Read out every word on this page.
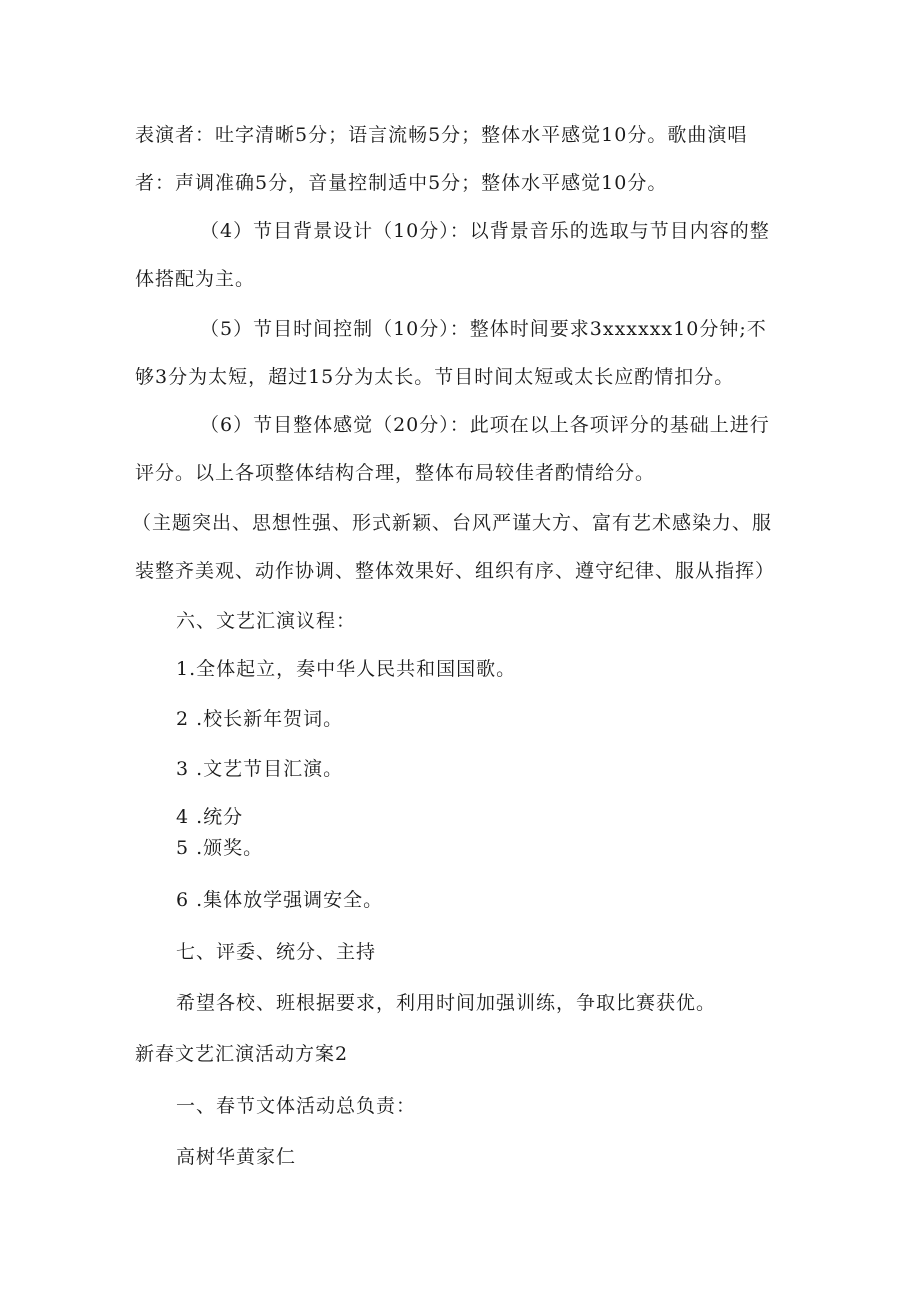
表演者：吐字清晰5分；语言流畅5分；整体水平感觉10分。歌曲演唱
者：声调准确5分，音量控制适中5分；整体水平感觉10分。
（4）节目背景设计（10分）：以背景音乐的选取与节目内容的整
体搭配为主。
（5）节目时间控制（10分）：整体时间要求3xxxxxx10分钟;不
够3分为太短，超过15分为太长。节目时间太短或太长应酌情扣分。
（6）节目整体感觉（20分）：此项在以上各项评分的基础上进行
评分。以上各项整体结构合理，整体布局较佳者酌情给分。
（主题突出、思想性强、形式新颖、台风严谨大方、富有艺术感染力、服
装整齐美观、动作协调、整体效果好、组织有序、遵守纪律、服从指挥）
六、文艺汇演议程：
1.全体起立，奏中华人民共和国国歌。
2 .校长新年贺词。
3 .文艺节目汇演。
4 .统分
5 .颁奖。
6 .集体放学强调安全。
七、评委、统分、主持
希望各校、班根据要求，利用时间加强训练，争取比赛获优。
新春文艺汇演活动方案2
一、春节文体活动总负责：
高树华黄家仁
